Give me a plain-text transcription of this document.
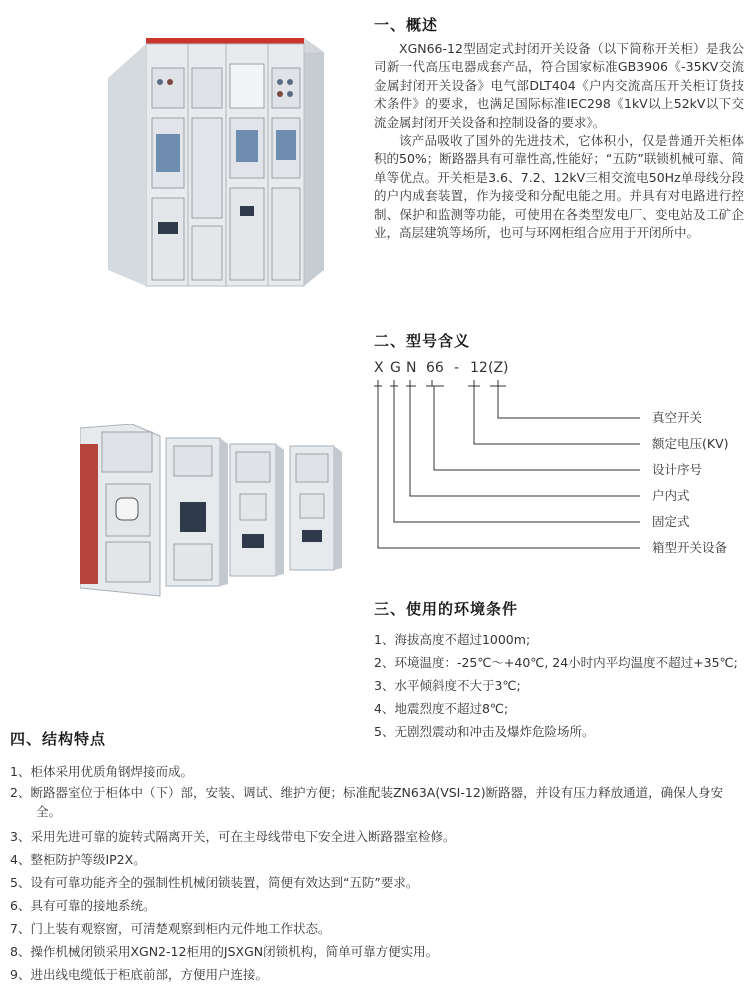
一、概述

XGN66-12型固定式封闭开关设备（以下简称开关柜）是我公司新一代高压电器成套产品，符合国家标准GB3906《-35KV交流金属封闭开关设备》电气部DLT404《户内交流高压开关柜订货技术条件》的要求，也满足国际标准IEC298《1kV以上52kV以下交流金属封闭开关设备和控制设备的要求》。

该产品吸收了国外的先进技术，它体积小，仅是普通开关柜体积的50%；断路器具有可靠性高,性能好；“五防”联锁机械可靠、简单等优点。开关柜是3.6、7.2、12kV三相交流电50Hz单母线分段的户内成套装置，作为接受和分配电能之用。并具有对电路进行控制、保护和监测等功能，可使用在各类型发电厂、变电站及工矿企业，高层建筑等场所，也可与环网柜组合应用于开闭所中。

二、型号含义
X G N 66 - 12 (Z)
真空开关
额定电压(KV)
设计序号
户内式
固定式
箱型开关设备
三、使用的环境条件
1、海拔高度不超过1000m;
2、环境温度：-25℃～+40℃, 24小时内平均温度不超过+35℃;
3、水平倾斜度不大于3℃;
4、地震烈度不超过8℃;
5、无剧烈震动和冲击及爆炸危险场所。
四、结构特点
1、柜体采用优质角钢焊接而成。
2、断路器室位于柜体中（下）部，安装、调试、维护方便；标准配装ZN63A(VSI-12)断路器，并设有压力释放通道，确保人身安全。
3、采用先进可靠的旋转式隔离开关，可在主母线带电下安全进入断路器室检修。
4、整柜防护等级IP2X。
5、设有可靠功能齐全的强制性机械闭锁装置，简便有效达到“五防”要求。
6、具有可靠的接地系统。
7、门上装有观察窗，可清楚观察到柜内元件地工作状态。
8、操作机械闭锁采用XGN2-12柜用的JSXGN闭锁机构，简单可靠方便实用。
9、进出线电缆低于柜底前部，方便用户连接。
